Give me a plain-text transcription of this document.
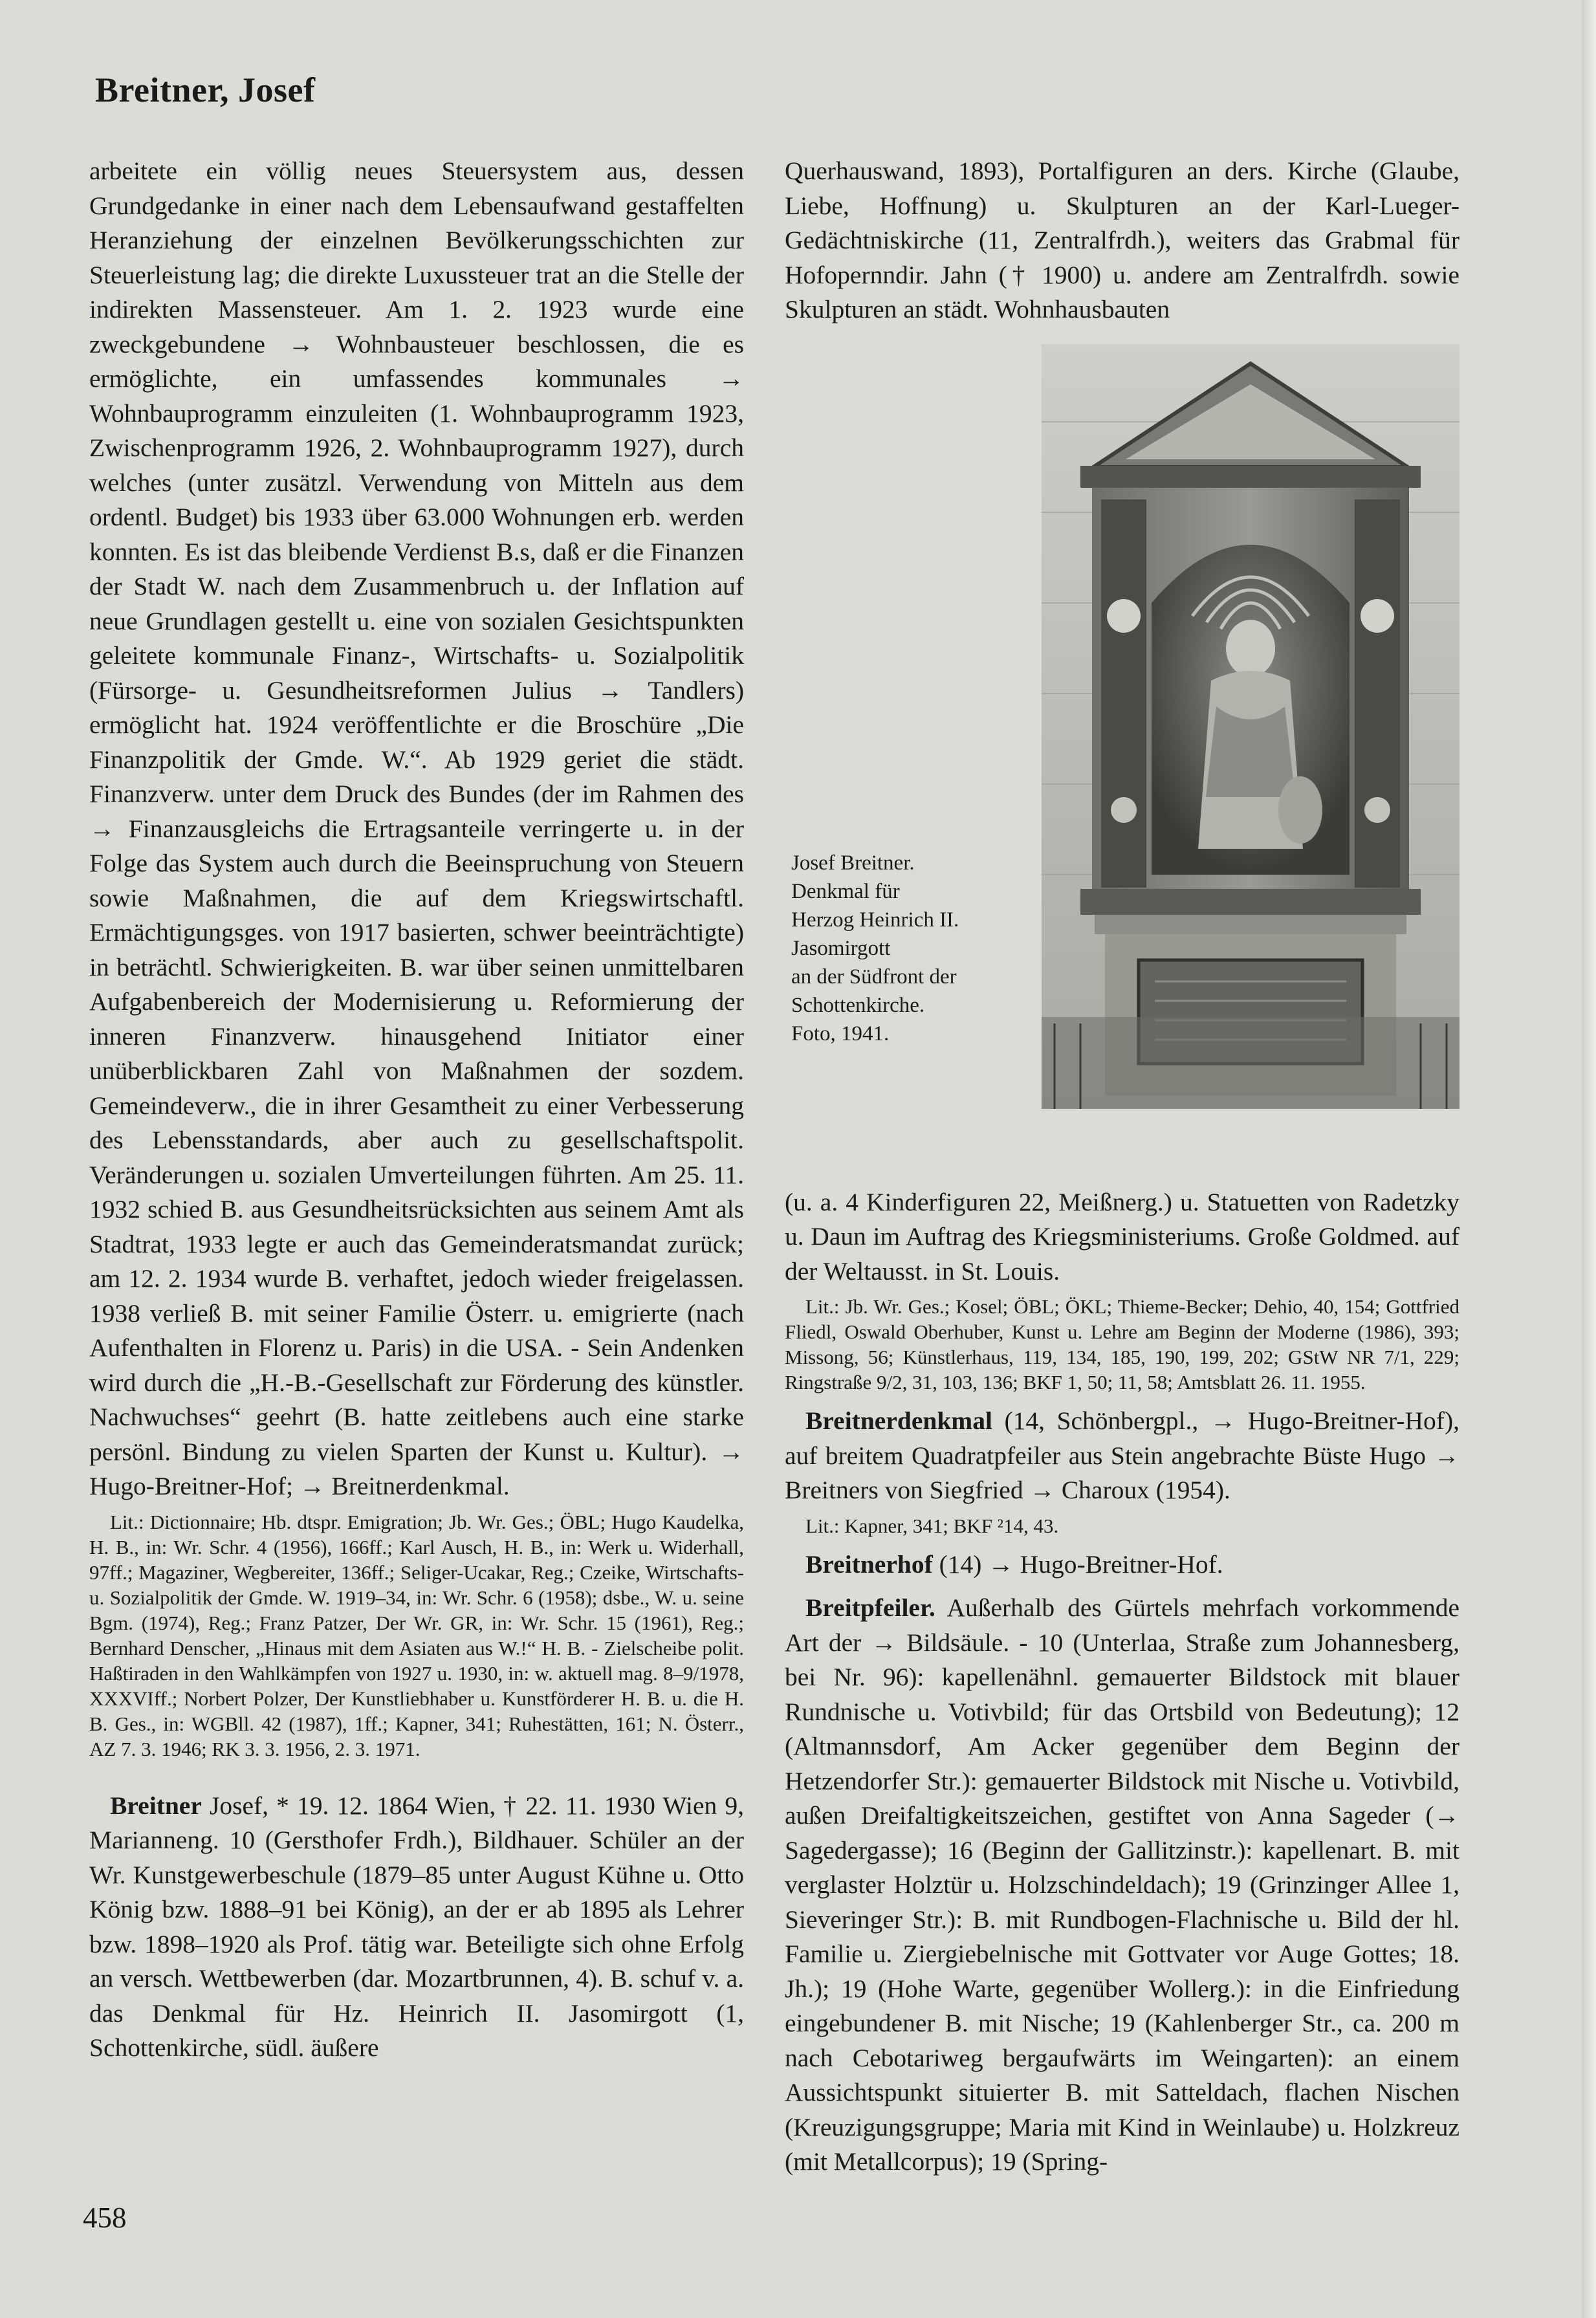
Breitner, Josef

arbeitete ein völlig neues Steuersystem aus, dessen Grundgedanke in einer nach dem Lebensaufwand gestaffelten Heranziehung der einzelnen Bevölkerungsschichten zur Steuerleistung lag; die direkte Luxussteuer trat an die Stelle der indirekten Massensteuer. Am 1. 2. 1923 wurde eine zweckgebundene → Wohnbausteuer beschlossen, die es ermöglichte, ein umfassendes kommunales → Wohnbauprogramm einzuleiten (1. Wohnbauprogramm 1923, Zwischenprogramm 1926, 2. Wohnbauprogramm 1927), durch welches (unter zusätzl. Verwendung von Mitteln aus dem ordentl. Budget) bis 1933 über 63.000 Wohnungen erb. werden konnten. Es ist das bleibende Verdienst B.s, daß er die Finanzen der Stadt W. nach dem Zusammenbruch u. der Inflation auf neue Grundlagen gestellt u. eine von sozialen Gesichtspunkten geleitete kommunale Finanz-, Wirtschafts- u. Sozialpolitik (Fürsorge- u. Gesundheitsreformen Julius → Tandlers) ermöglicht hat. 1924 veröffentlichte er die Broschüre „Die Finanzpolitik der Gmde. W.“. Ab 1929 geriet die städt. Finanzverw. unter dem Druck des Bundes (der im Rahmen des → Finanzausgleichs die Ertragsanteile verringerte u. in der Folge das System auch durch die Beeinspruchung von Steuern sowie Maßnahmen, die auf dem Kriegswirtschaftl. Ermächtigungsges. von 1917 basierten, schwer beeinträchtigte) in beträchtl. Schwierigkeiten. B. war über seinen unmittelbaren Aufgabenbereich der Modernisierung u. Reformierung der inneren Finanzverw. hinausgehend Initiator einer unüberblickbaren Zahl von Maßnahmen der sozdem. Gemeindeverw., die in ihrer Gesamtheit zu einer Verbesserung des Lebensstandards, aber auch zu gesellschaftspolit. Veränderungen u. sozialen Umverteilungen führten. Am 25. 11. 1932 schied B. aus Gesundheitsrücksichten aus seinem Amt als Stadtrat, 1933 legte er auch das Gemeinderatsmandat zurück; am 12. 2. 1934 wurde B. verhaftet, jedoch wieder freigelassen. 1938 verließ B. mit seiner Familie Österr. u. emigrierte (nach Aufenthalten in Florenz u. Paris) in die USA. - Sein Andenken wird durch die „H.-B.-Gesellschaft zur Förderung des künstler. Nachwuchses“ geehrt (B. hatte zeitlebens auch eine starke persönl. Bindung zu vielen Sparten der Kunst u. Kultur). → Hugo-Breitner-Hof; → Breitnerdenkmal.

Lit.: Dictionnaire; Hb. dtspr. Emigration; Jb. Wr. Ges.; ÖBL; Hugo Kaudelka, H. B., in: Wr. Schr. 4 (1956), 166ff.; Karl Ausch, H. B., in: Werk u. Widerhall, 97ff.; Magaziner, Wegbereiter, 136ff.; Seliger-Ucakar, Reg.; Czeike, Wirtschafts- u. Sozialpolitik der Gmde. W. 1919–34, in: Wr. Schr. 6 (1958); dsbe., W. u. seine Bgm. (1974), Reg.; Franz Patzer, Der Wr. GR, in: Wr. Schr. 15 (1961), Reg.; Bernhard Denscher, „Hinaus mit dem Asiaten aus W.!“ H. B. - Zielscheibe polit. Haßtiraden in den Wahlkämpfen von 1927 u. 1930, in: w. aktuell mag. 8–9/1978, XXXVIff.; Norbert Polzer, Der Kunstliebhaber u. Kunstförderer H. B. u. die H. B. Ges., in: WGBll. 42 (1987), 1ff.; Kapner, 341; Ruhestätten, 161; N. Österr., AZ 7. 3. 1946; RK 3. 3. 1956, 2. 3. 1971.

Breitner Josef, * 19. 12. 1864 Wien, † 22. 11. 1930 Wien 9, Marianneng. 10 (Gersthofer Frdh.), Bildhauer. Schüler an der Wr. Kunstgewerbeschule (1879–85 unter August Kühne u. Otto König bzw. 1888–91 bei König), an der er ab 1895 als Lehrer bzw. 1898–1920 als Prof. tätig war. Beteiligte sich ohne Erfolg an versch. Wettbewerben (dar. Mozartbrunnen, 4). B. schuf v. a. das Denkmal für Hz. Heinrich II. Jasomirgott (1, Schottenkirche, südl. äußere

Querhauswand, 1893), Portalfiguren an ders. Kirche (Glaube, Liebe, Hoffnung) u. Skulpturen an der Karl-Lueger-Gedächtniskirche (11, Zentralfrdh.), weiters das Grabmal für Hofopernndir. Jahn († 1900) u. andere am Zentralfrdh. sowie Skulpturen an städt. Wohnhausbauten

Josef Breitner.
Denkmal für
Herzog Heinrich II.
Jasomirgott
an der Südfront der
Schottenkirche.
Foto, 1941.

(u. a. 4 Kinderfiguren 22, Meißnerg.) u. Statuetten von Radetzky u. Daun im Auftrag des Kriegsministeriums. Große Goldmed. auf der Weltausst. in St. Louis.

Lit.: Jb. Wr. Ges.; Kosel; ÖBL; ÖKL; Thieme-Becker; Dehio, 40, 154; Gottfried Fliedl, Oswald Oberhuber, Kunst u. Lehre am Beginn der Moderne (1986), 393; Missong, 56; Künstlerhaus, 119, 134, 185, 190, 199, 202; GStW NR 7/1, 229; Ringstraße 9/2, 31, 103, 136; BKF 1, 50; 11, 58; Amtsblatt 26. 11. 1955.

Breitnerdenkmal (14, Schönbergpl., → Hugo-Breitner-Hof), auf breitem Quadratpfeiler aus Stein angebrachte Büste Hugo → Breitners von Siegfried → Charoux (1954).

Lit.: Kapner, 341; BKF ²14, 43.

Breitnerhof (14) → Hugo-Breitner-Hof.

Breitpfeiler. Außerhalb des Gürtels mehrfach vorkommende Art der → Bildsäule. - 10 (Unterlaa, Straße zum Johannesberg, bei Nr. 96): kapellenähnl. gemauerter Bildstock mit blauer Rundnische u. Votivbild; für das Ortsbild von Bedeutung); 12 (Altmannsdorf, Am Acker gegenüber dem Beginn der Hetzendorfer Str.): gemauerter Bildstock mit Nische u. Votivbild, außen Dreifaltigkeitszeichen, gestiftet von Anna Sageder (→ Sagedergasse); 16 (Beginn der Gallitzinstr.): kapellenart. B. mit verglaster Holztür u. Holzschindeldach); 19 (Grinzinger Allee 1, Sieveringer Str.): B. mit Rundbogen-Flachnische u. Bild der hl. Familie u. Ziergiebelnische mit Gottvater vor Auge Gottes; 18. Jh.); 19 (Hohe Warte, gegenüber Wollerg.): in die Einfriedung eingebundener B. mit Nische; 19 (Kahlenberger Str., ca. 200 m nach Cebotariweg bergaufwärts im Weingarten): an einem Aussichtspunkt situierter B. mit Satteldach, flachen Nischen (Kreuzigungsgruppe; Maria mit Kind in Weinlaube) u. Holzkreuz (mit Metallcorpus); 19 (Spring-

458
